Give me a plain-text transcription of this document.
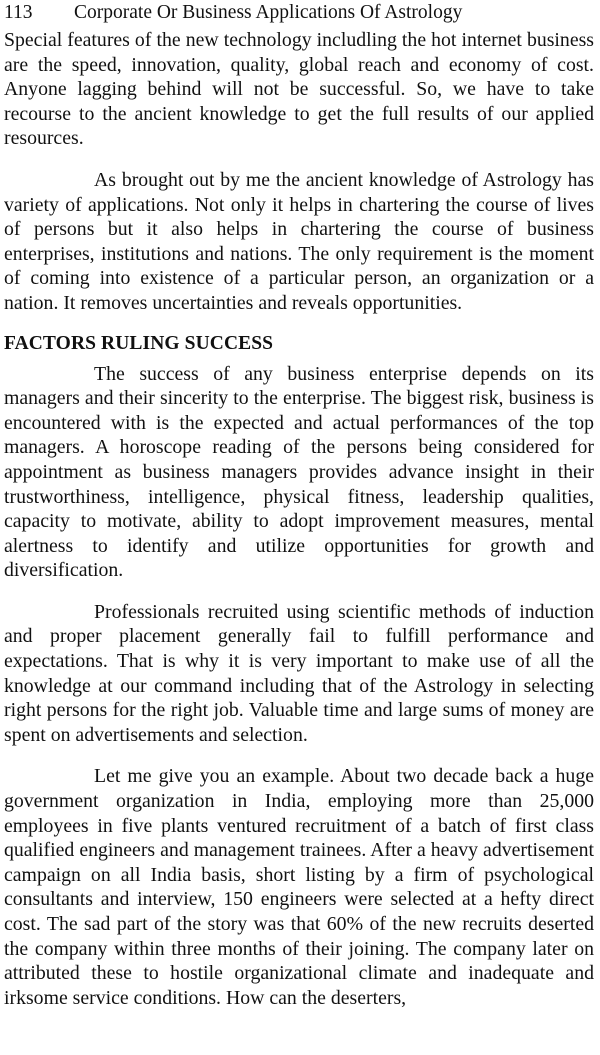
113 Corporate Or Business Applications Of Astrology

Special features of the new technology includling the hot internet business are the speed, innovation, quality, global reach and economy of cost. Anyone lagging behind will not be successful. So, we have to take recourse to the ancient knowledge to get the full results of our applied resources.

As brought out by me the ancient knowledge of Astrology has variety of applications. Not only it helps in chartering the course of lives of persons but it also helps in chartering the course of business enterprises, institutions and nations. The only requirement is the moment of coming into existence of a particular person, an organization or a nation. It removes uncertainties and reveals opportunities.

FACTORS RULING SUCCESS

The success of any business enterprise depends on its managers and their sincerity to the enterprise. The biggest risk, business is encountered with is the expected and actual performances of the top managers. A horoscope reading of the persons being considered for appointment as business managers provides advance insight in their trustworthiness, intelligence, physical fitness, leadership qualities, capacity to motivate, ability to adopt improvement measures, mental alertness to identify and utilize opportunities for growth and diversification.

Professionals recruited using scientific methods of induction and proper placement generally fail to fulfill performance and expectations. That is why it is very important to make use of all the knowledge at our command including that of the Astrology in selecting right persons for the right job. Valuable time and large sums of money are spent on advertisements and selection.

Let me give you an example. About two decade back a huge government organization in India, employing more than 25,000 employees in five plants ventured recruitment of a batch of first class qualified engineers and management trainees. After a heavy advertisement campaign on all India basis, short listing by a firm of psychological consultants and interview, 150 engineers were selected at a hefty direct cost. The sad part of the story was that 60% of the new recruits deserted the company within three months of their joining. The company later on attributed these to hostile organizational climate and inadequate and irksome service conditions. How can the deserters,
